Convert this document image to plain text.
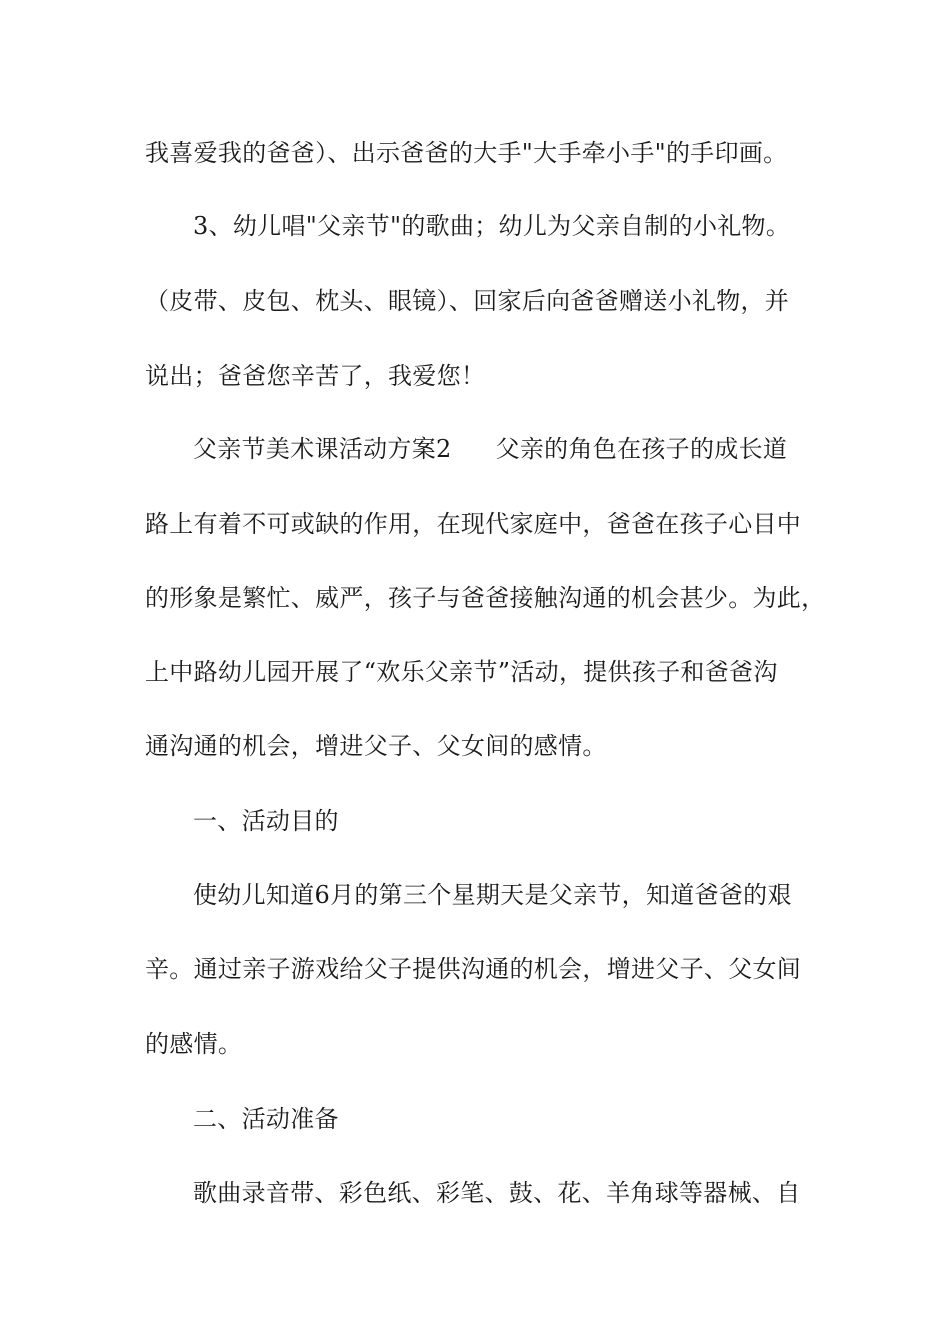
我喜爱我的爸爸）、出示爸爸的大手"大手牵小手"的手印画。
3、幼儿唱"父亲节"的歌曲；幼儿为父亲自制的小礼物。
（皮带、皮包、枕头、眼镜）、回家后向爸爸赠送小礼物，并
说出；爸爸您辛苦了，我爱您！
父亲节美术课活动方案2 父亲的角色在孩子的成长道
路上有着不可或缺的作用，在现代家庭中，爸爸在孩子心目中
的形象是繁忙、威严，孩子与爸爸接触沟通的机会甚少。为此，
上中路幼儿园开展了“欢乐父亲节”活动，提供孩子和爸爸沟
通沟通的机会，增进父子、父女间的感情。
一、活动目的
使幼儿知道6月的第三个星期天是父亲节，知道爸爸的艰
辛。通过亲子游戏给父子提供沟通的机会，增进父子、父女间
的感情。
二、活动准备
歌曲录音带、彩色纸、彩笔、鼓、花、羊角球等器械、自
